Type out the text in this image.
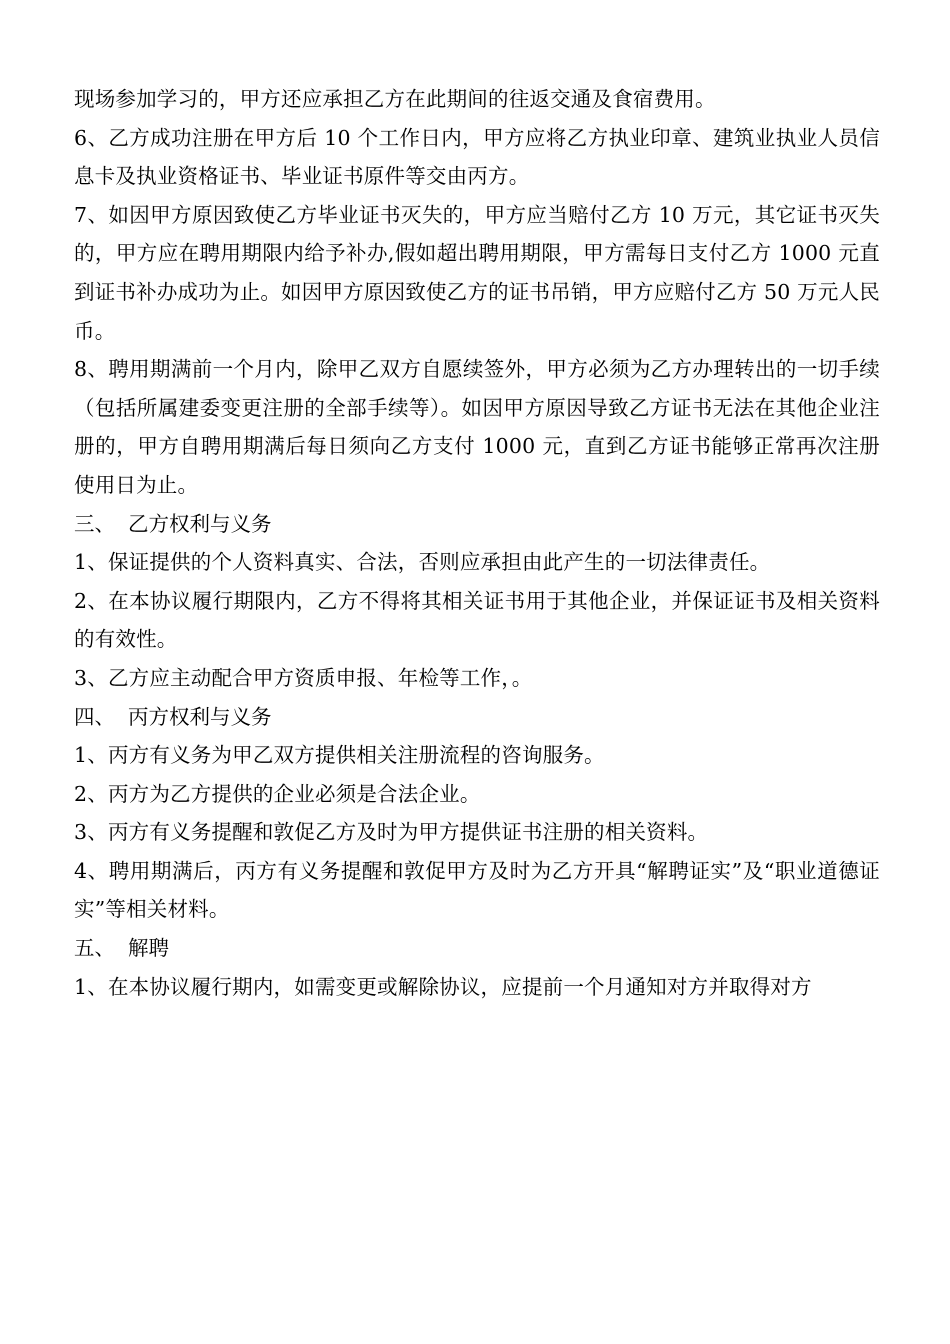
现场参加学习的，甲方还应承担乙方在此期间的往返交通及食宿费用。

6、乙方成功注册在甲方后 10 个工作日内，甲方应将乙方执业印章、建筑业执业人员信息卡及执业资格证书、毕业证书原件等交由丙方。

7、如因甲方原因致使乙方毕业证书灭失的，甲方应当赔付乙方 10 万元，其它证书灭失的，甲方应在聘用期限内给予补办,假如超出聘用期限，甲方需每日支付乙方 1000 元直到证书补办成功为止。如因甲方原因致使乙方的证书吊销，甲方应赔付乙方 50 万元人民币。

8、聘用期满前一个月内，除甲乙双方自愿续签外，甲方必须为乙方办理转出的一切手续（包括所属建委变更注册的全部手续等）。如因甲方原因导致乙方证书无法在其他企业注册的，甲方自聘用期满后每日须向乙方支付 1000 元，直到乙方证书能够正常再次注册使用日为止。

三、  乙方权利与义务

1、保证提供的个人资料真实、合法，否则应承担由此产生的一切法律责任。

2、在本协议履行期限内，乙方不得将其相关证书用于其他企业，并保证证书及相关资料的有效性。

3、乙方应主动配合甲方资质申报、年检等工作，。

四、  丙方权利与义务

1、丙方有义务为甲乙双方提供相关注册流程的咨询服务。

2、丙方为乙方提供的企业必须是合法企业。

3、丙方有义务提醒和敦促乙方及时为甲方提供证书注册的相关资料。

4、聘用期满后，丙方有义务提醒和敦促甲方及时为乙方开具“解聘证实”及“职业道德证实”等相关材料。

五、  解聘

1、在本协议履行期内，如需变更或解除协议，应提前一个月通知对方并取得对方
